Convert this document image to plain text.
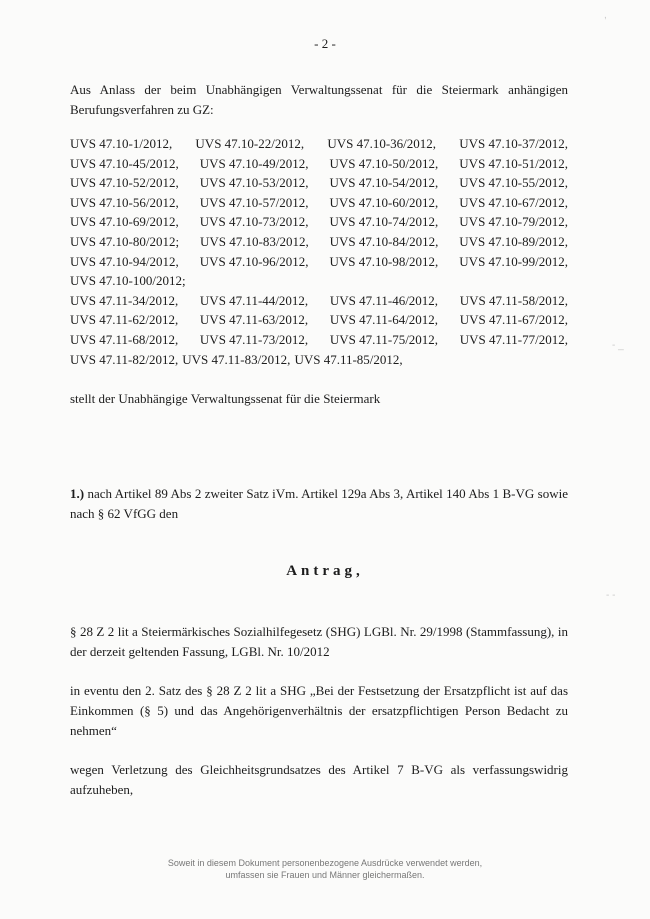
,
- _
- -
- 2 -
Aus Anlass der beim Unabhängigen Verwaltungssenat für die Steiermark anhängigen Berufungsverfahren zu GZ:
UVS 47.10-1/2012, UVS 47.10-22/2012, UVS 47.10-36/2012, UVS 47.10-37/2012,
UVS 47.10-45/2012, UVS 47.10-49/2012, UVS 47.10-50/2012, UVS 47.10-51/2012,
UVS 47.10-52/2012, UVS 47.10-53/2012, UVS 47.10-54/2012, UVS 47.10-55/2012,
UVS 47.10-56/2012, UVS 47.10-57/2012, UVS 47.10-60/2012, UVS 47.10-67/2012,
UVS 47.10-69/2012, UVS 47.10-73/2012, UVS 47.10-74/2012, UVS 47.10-79/2012,
UVS 47.10-80/2012; UVS 47.10-83/2012, UVS 47.10-84/2012, UVS 47.10-89/2012,
UVS 47.10-94/2012, UVS 47.10-96/2012, UVS 47.10-98/2012, UVS 47.10-99/2012,
UVS 47.10-100/2012;
UVS 47.11-34/2012, UVS 47.11-44/2012, UVS 47.11-46/2012, UVS 47.11-58/2012,
UVS 47.11-62/2012, UVS 47.11-63/2012, UVS 47.11-64/2012, UVS 47.11-67/2012,
UVS 47.11-68/2012, UVS 47.11-73/2012, UVS 47.11-75/2012, UVS 47.11-77/2012,
UVS 47.11-82/2012, UVS 47.11-83/2012, UVS 47.11-85/2012,
stellt der Unabhängige Verwaltungssenat für die Steiermark
1.) nach Artikel 89 Abs 2 zweiter Satz iVm. Artikel 129a Abs 3, Artikel 140 Abs 1 B-VG sowie nach § 62 VfGG den
Antrag,
§ 28 Z 2 lit a Steiermärkisches Sozialhilfegesetz (SHG) LGBl. Nr. 29/1998 (Stammfassung), in der derzeit geltenden Fassung, LGBl. Nr. 10/2012
in eventu den 2. Satz des § 28 Z 2 lit a SHG „Bei der Festsetzung der Ersatzpflicht ist auf das Einkommen (§ 5) und das Angehörigenverhältnis der ersatzpflichtigen Person Bedacht zu nehmen“
wegen Verletzung des Gleichheitsgrundsatzes des Artikel 7 B-VG als verfassungswidrig aufzuheben,
Soweit in diesem Dokument personenbezogene Ausdrücke verwendet werden,
umfassen sie Frauen und Männer gleichermaßen.
